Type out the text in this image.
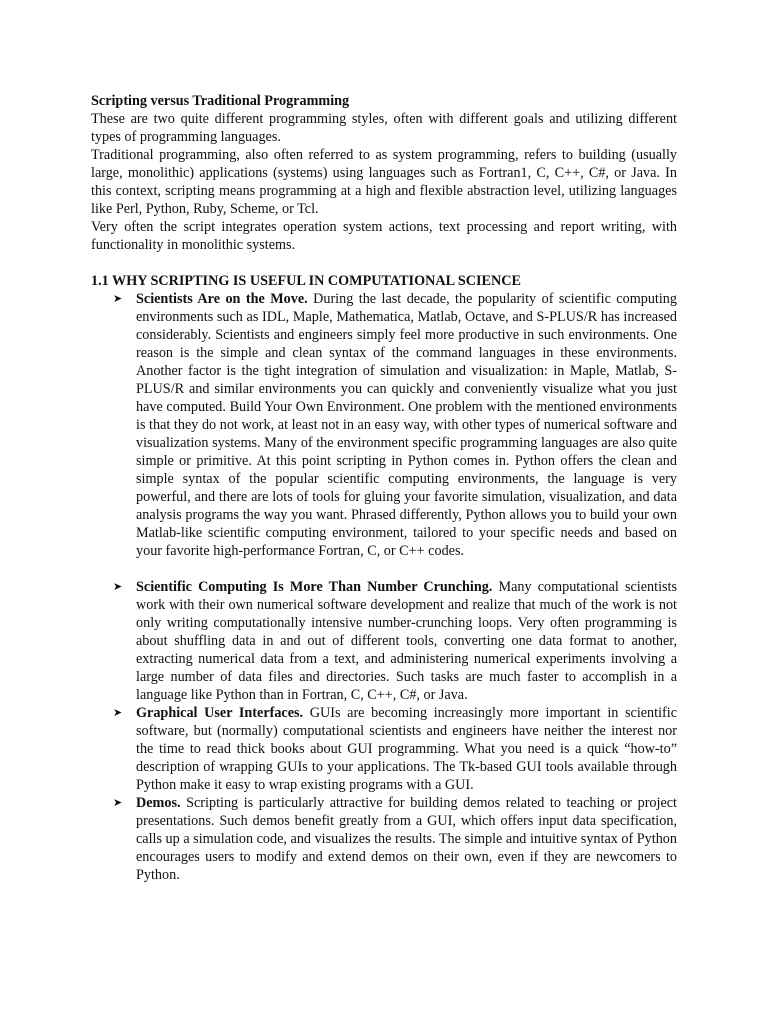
Scripting versus Traditional Programming

These are two quite different programming styles, often with different goals and utilizing different types of programming languages.

Traditional programming, also often referred to as system programming, refers to building (usually large, monolithic) applications (systems) using languages such as Fortran1, C, C++, C#, or Java. In this context, scripting means programming at a high and flexible abstraction level, utilizing languages like Perl, Python, Ruby, Scheme, or Tcl.

Very often the script integrates operation system actions, text processing and report writing, with functionality in monolithic systems.

1.1 WHY SCRIPTING IS USEFUL IN COMPUTATIONAL SCIENCE
➤ Scientists Are on the Move. During the last decade, the popularity of scientific computing environments such as IDL, Maple, Mathematica, Matlab, Octave, and S-PLUS/R has increased considerably. Scientists and engineers simply feel more productive in such environments. One reason is the simple and clean syntax of the command languages in these environments. Another factor is the tight integration of simulation and visualization: in Maple, Matlab, S-PLUS/R and similar environments you can quickly and conveniently visualize what you just have computed. Build Your Own Environment. One problem with the mentioned environments is that they do not work, at least not in an easy way, with other types of numerical software and visualization systems. Many of the environment specific programming languages are also quite simple or primitive. At this point scripting in Python comes in. Python offers the clean and simple syntax of the popular scientific computing environments, the language is very powerful, and there are lots of tools for gluing your favorite simulation, visualization, and data analysis programs the way you want. Phrased differently, Python allows you to build your own Matlab-like scientific computing environment, tailored to your specific needs and based on your favorite high-performance Fortran, C, or C++ codes.
➤ Scientific Computing Is More Than Number Crunching. Many computational scientists work with their own numerical software development and realize that much of the work is not only writing computationally intensive number-crunching loops. Very often programming is about shuffling data in and out of different tools, converting one data format to another, extracting numerical data from a text, and administering numerical experiments involving a large number of data files and directories. Such tasks are much faster to accomplish in a language like Python than in Fortran, C, C++, C#, or Java.
➤ Graphical User Interfaces. GUIs are becoming increasingly more important in scientific software, but (normally) computational scientists and engineers have neither the interest nor the time to read thick books about GUI programming. What you need is a quick “how-to” description of wrapping GUIs to your applications. The Tk-based GUI tools available through Python make it easy to wrap existing programs with a GUI.
➤ Demos. Scripting is particularly attractive for building demos related to teaching or project presentations. Such demos benefit greatly from a GUI, which offers input data specification, calls up a simulation code, and visualizes the results. The simple and intuitive syntax of Python encourages users to modify and extend demos on their own, even if they are newcomers to Python.
